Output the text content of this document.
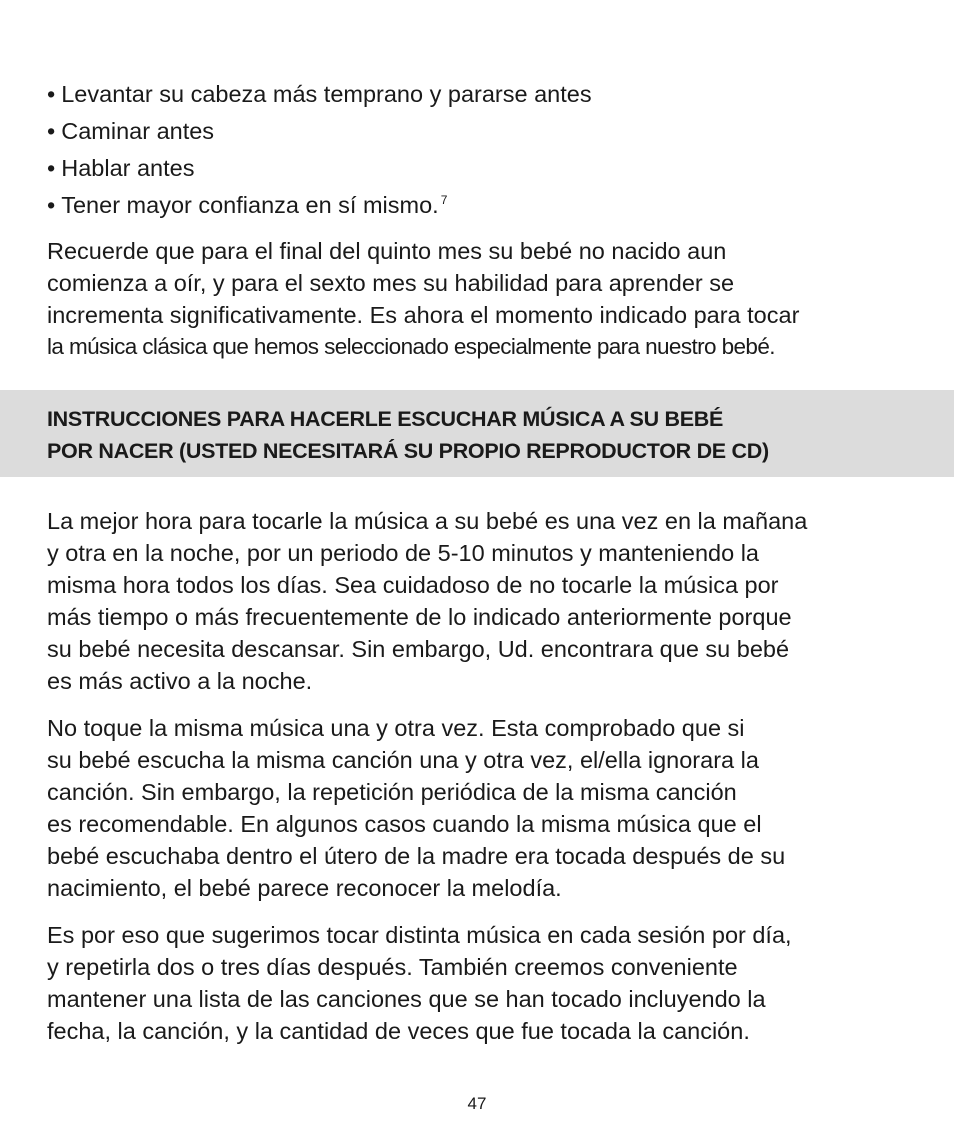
• Levantar su cabeza más temprano y pararse antes
• Caminar antes
• Hablar antes
• Tener mayor confianza en sí mismo. $^7$

Recuerde que para el final del quinto mes su bebé no nacido aun
comienza a oír, y para el sexto mes su habilidad para aprender se
incrementa significativamente. Es ahora el momento indicado para tocar
la música clásica que hemos seleccionado especialmente para nuestro bebé.

INSTRUCCIONES PARA HACERLE ESCUCHAR MÚSICA A SU BEBÉ
POR NACER (USTED NECESITARÁ SU PROPIO REPRODUCTOR DE CD)

La mejor hora para tocarle la música a su bebé es una vez en la mañana
y otra en la noche, por un periodo de 5-10 minutos y manteniendo la
misma hora todos los días. Sea cuidadoso de no tocarle la música por
más tiempo o más frecuentemente de lo indicado anteriormente porque
su bebé necesita descansar. Sin embargo, Ud. encontrara que su bebé
es más activo a la noche.

No toque la misma música una y otra vez. Esta comprobado que si
su bebé escucha la misma canción una y otra vez, el/ella ignorara la
canción. Sin embargo, la repetición periódica de la misma canción
es recomendable. En algunos casos cuando la misma música que el
bebé escuchaba dentro el útero de la madre era tocada después de su
nacimiento, el bebé parece reconocer la melodía.

Es por eso que sugerimos tocar distinta música en cada sesión por día,
y repetirla dos o tres días después. También creemos conveniente
mantener una lista de las canciones que se han tocado incluyendo la
fecha, la canción, y la cantidad de veces que fue tocada la canción.

47
